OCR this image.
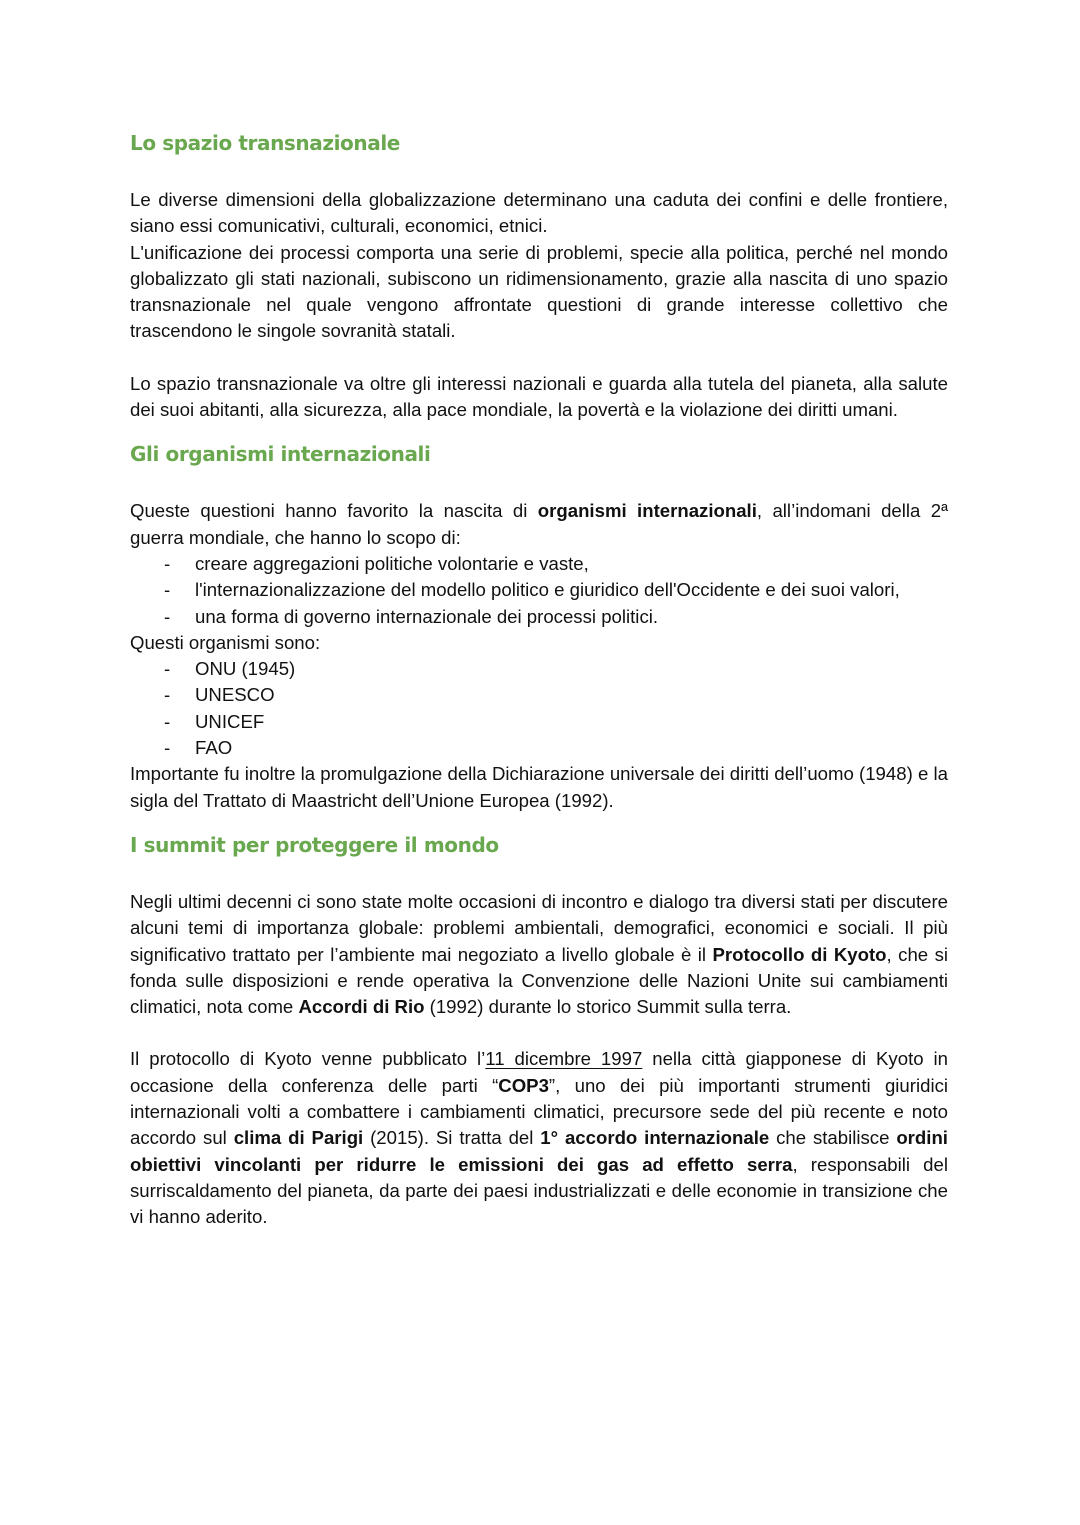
Lo spazio transnazionale

Le diverse dimensioni della globalizzazione determinano una caduta dei confini e delle frontiere, siano essi comunicativi, culturali, economici, etnici.

L'unificazione dei processi comporta una serie di problemi, specie alla politica, perché nel mondo globalizzato gli stati nazionali, subiscono un ridimensionamento, grazie alla nascita di uno spazio transnazionale nel quale vengono affrontate questioni di grande interesse collettivo che trascendono le singole sovranità statali.

Lo spazio transnazionale va oltre gli interessi nazionali e guarda alla tutela del pianeta, alla salute dei suoi abitanti, alla sicurezza, alla pace mondiale, la povertà e la violazione dei diritti umani.

Gli organismi internazionali

Queste questioni hanno favorito la nascita di organismi internazionali, all’indomani della 2ª guerra mondiale, che hanno lo scopo di:

- creare aggregazioni politiche volontarie e vaste,
- l'internazionalizzazione del modello politico e giuridico dell'Occidente e dei suoi valori,
- una forma di governo internazionale dei processi politici.

Questi organismi sono:

- ONU (1945)
- UNESCO
- UNICEF
- FAO

Importante fu inoltre la promulgazione della Dichiarazione universale dei diritti dell’uomo (1948) e la sigla del Trattato di Maastricht dell’Unione Europea (1992).

I summit per proteggere il mondo

Negli ultimi decenni ci sono state molte occasioni di incontro e dialogo tra diversi stati per discutere alcuni temi di importanza globale: problemi ambientali, demografici, economici e sociali. Il più significativo trattato per l’ambiente mai negoziato a livello globale è il Protocollo di Kyoto, che si fonda sulle disposizioni e rende operativa la Convenzione delle Nazioni Unite sui cambiamenti climatici, nota come Accordi di Rio (1992) durante lo storico Summit sulla terra.

Il protocollo di Kyoto venne pubblicato l’11 dicembre 1997 nella città giapponese di Kyoto in occasione della conferenza delle parti “COP3”, uno dei più importanti strumenti giuridici internazionali volti a combattere i cambiamenti climatici, precursore sede del più recente e noto accordo sul clima di Parigi (2015). Si tratta del 1° accordo internazionale che stabilisce ordini obiettivi vincolanti per ridurre le emissioni dei gas ad effetto serra, responsabili del surriscaldamento del pianeta, da parte dei paesi industrializzati e delle economie in transizione che vi hanno aderito.
